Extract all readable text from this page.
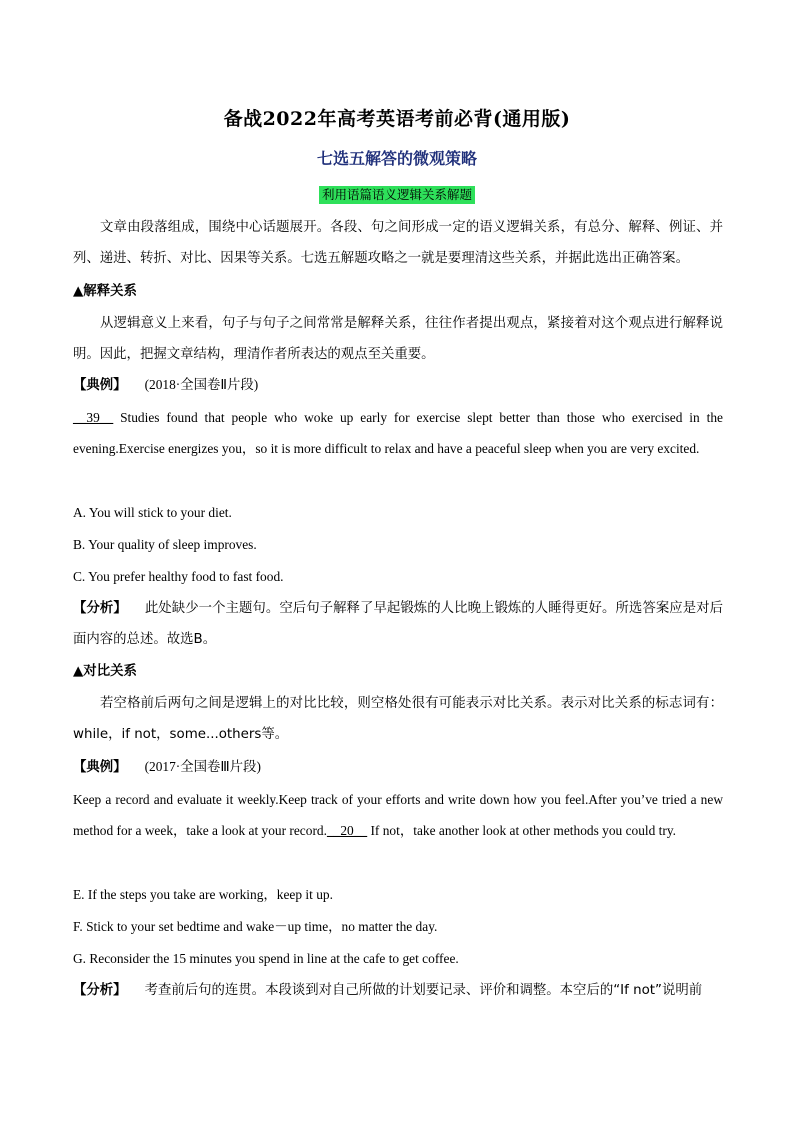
备战2022年高考英语考前必背(通用版)
七选五解答的微观策略
利用语篇语义逻辑关系解题
文章由段落组成，围绕中心话题展开。各段、句之间形成一定的语义逻辑关系，有总分、解释、例证、并列、递进、转折、对比、因果等关系。七选五解题攻略之一就是要理清这些关系，并据此选出正确答案。
▲解释关系
从逻辑意义上来看，句子与句子之间常常是解释关系，往往作者提出观点，紧接着对这个观点进行解释说明。因此，把握文章结构，理清作者所表达的观点至关重要。
【典例】 (2018·全国卷Ⅱ片段)
__39__ Studies found that people who woke up early for exercise slept better than those who exercised in the evening.Exercise energizes you，so it is more difficult to relax and have a peaceful sleep when you are very excited.
A. You will stick to your diet.
B. Your quality of sleep improves.
C. You prefer healthy food to fast food.
【分析】 此处缺少一个主题句。空后句子解释了早起锻炼的人比晚上锻炼的人睡得更好。所选答案应是对后面内容的总述。故选B。
▲对比关系
若空格前后两句之间是逻辑上的对比比较，则空格处很有可能表示对比关系。表示对比关系的标志词有：while，if not，some...others等。
【典例】 (2017·全国卷Ⅲ片段)
Keep a record and evaluate it weekly.Keep track of your efforts and write down how you feel.After you’ve tried a new method for a week，take a look at your record.__20__ If not，take another look at other methods you could try.
E. If the steps you take are working，keep it up.
F. Stick to your set bedtime and wake－up time，no matter the day.
G. Reconsider the 15 minutes you spend in line at the cafe to get coffee.
【分析】 考查前后句的连贯。本段谈到对自己所做的计划要记录、评价和调整。本空后的“If not”说明前
